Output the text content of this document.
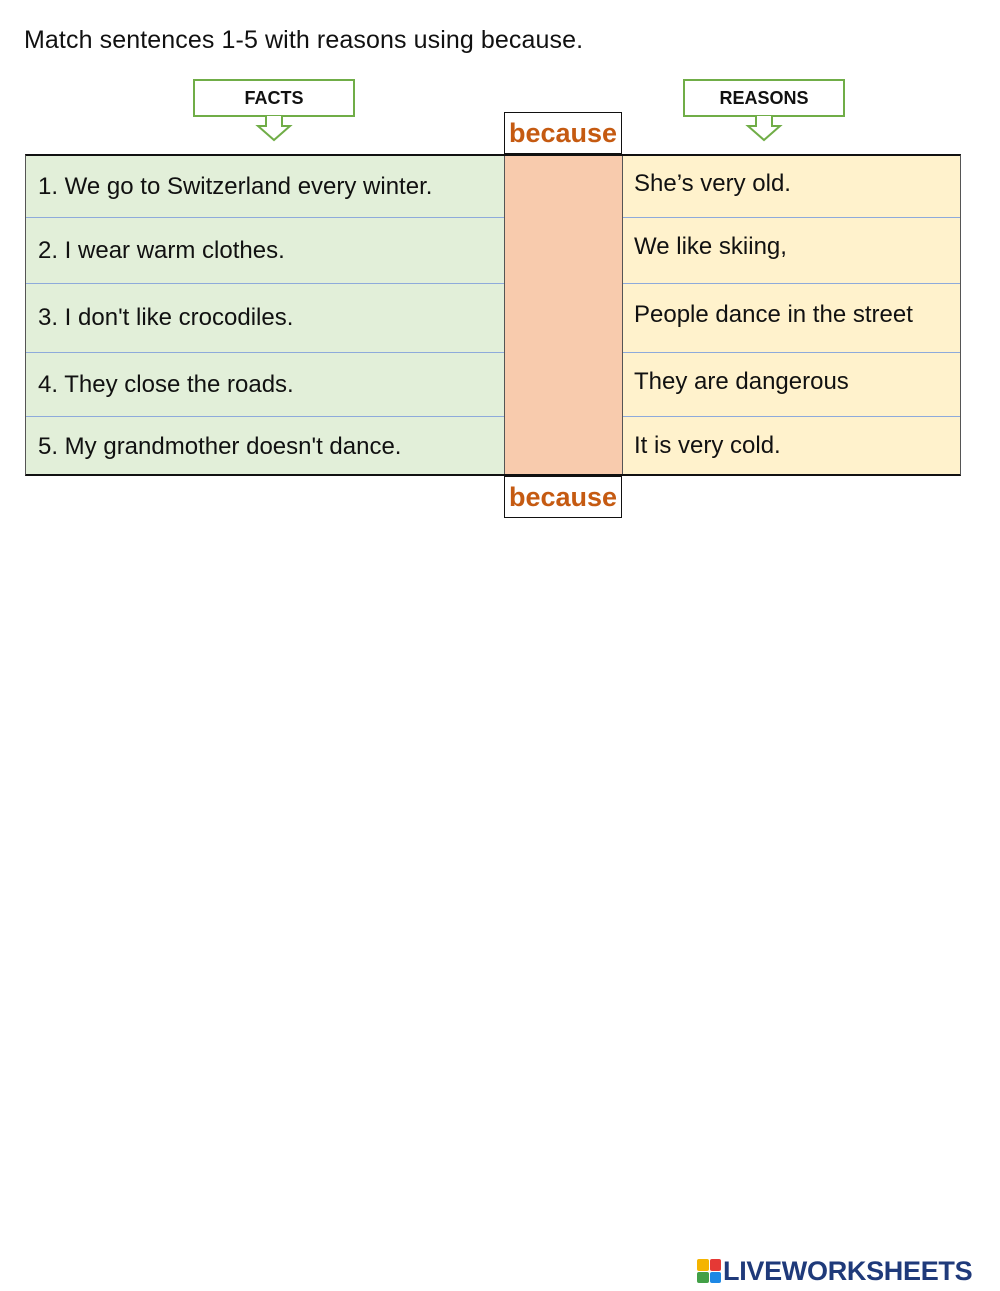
Match sentences 1-5 with reasons using because.
FACTS	REASONS
because
1. We go to Switzerland every winter.
2. I wear warm clothes.
3. I don't like crocodiles.
4. They close the roads.
5. My grandmother doesn't dance.
She’s very old.
We like skiing,
People dance in the street
They are dangerous
It is very cold.
because
LIVEWORKSHEETS
